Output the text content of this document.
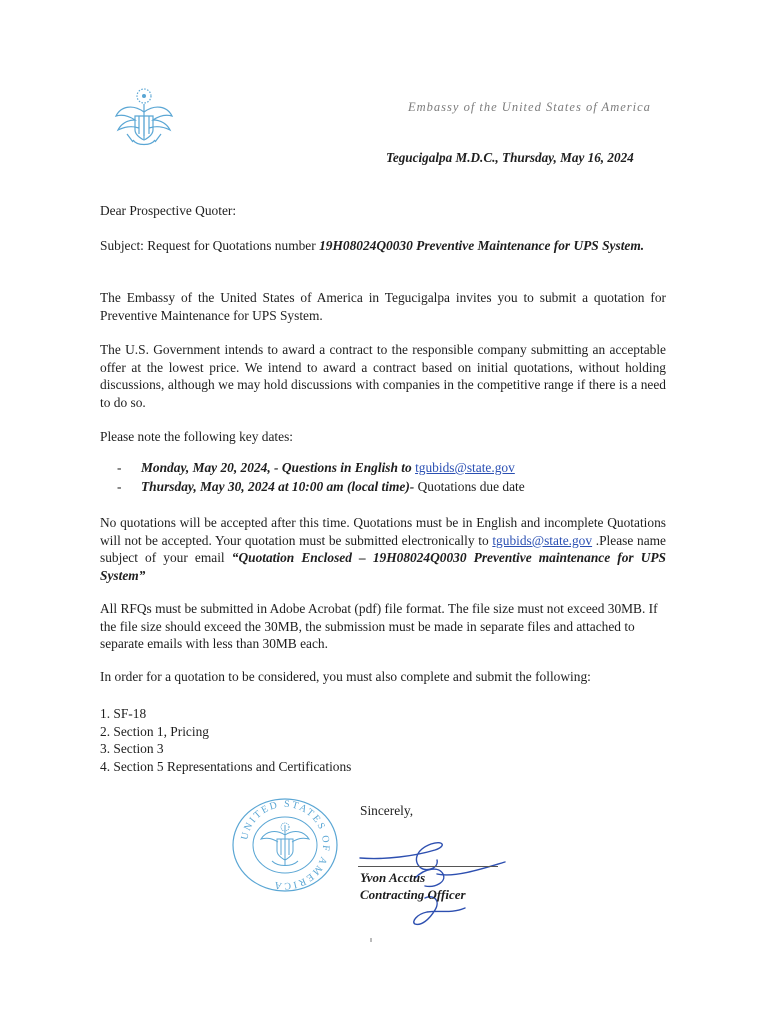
Embassy of the United States of America
Tegucigalpa M.D.C., Thursday, May 16, 2024

Dear Prospective Quoter:

Subject: Request for Quotations number 19H08024Q0030 Preventive Maintenance for UPS System.

The Embassy of the United States of America in Tegucigalpa invites you to submit a quotation for Preventive Maintenance for UPS System.

The U.S. Government intends to award a contract to the responsible company submitting an acceptable offer at the lowest price. We intend to award a contract based on initial quotations, without holding discussions, although we may hold discussions with companies in the competitive range if there is a need to do so.

Please note the following key dates:

- Monday, May 20, 2024, - Questions in English to tgubids@state.gov
- Thursday, May 30, 2024 at 10:00 am (local time)- Quotations due date

No quotations will be accepted after this time. Quotations must be in English and incomplete Quotations will not be accepted. Your quotation must be submitted electronically to tgubids@state.gov .Please name subject of your email “Quotation Enclosed – 19H08024Q0030 Preventive maintenance for UPS System”

All RFQs must be submitted in Adobe Acrobat (pdf) file format. The file size must not exceed 30MB. If the file size should exceed the 30MB, the submission must be made in separate files and attached to separate emails with less than 30MB each.

In order for a quotation to be considered, you must also complete and submit the following:

1. SF-18
2. Section 1, Pricing
3. Section 3
4. Section 5 Representations and Certifications
UNITED STATES OF AMERICA
Sincerely,
Yvon Acctus
Contracting Officer
